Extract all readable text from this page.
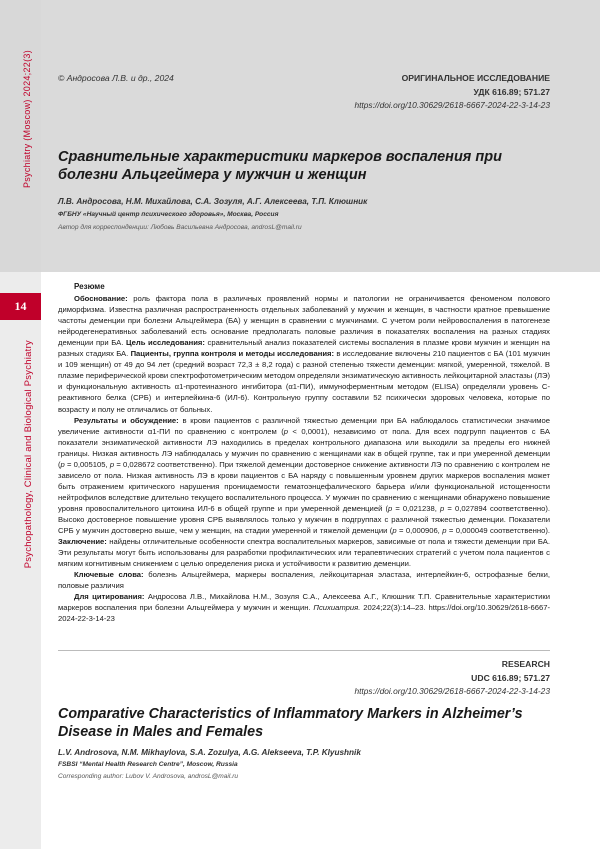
Psychiatry (Moscow) 2024;22(3)
Psychopathology, Clinical and Biological Psychiatry
14
© Андросова Л.В. и др., 2024	ОРИГИНАЛЬНОЕ ИССЛЕДОВАНИЕ
УДК 616.89; 571.27
https://doi.org/10.30629/2618-6667-2024-22-3-14-23
Сравнительные характеристики маркеров воспаления при болезни Альцгеймера у мужчин и женщин
Л.В. Андросова, Н.М. Михайлова, С.А. Зозуля, А.Г. Алексеева, Т.П. Клюшник
ФГБНУ «Научный центр психического здоровья», Москва, Россия
Автор для корреспонденции: Любовь Васильевна Андросова, androsL@mail.ru
Резюме

Обоснование: роль фактора пола в различных проявлений нормы и патологии не ограничивается феноменом полового диморфизма. Известна различная распространенность отдельных заболеваний у мужчин и женщин, в частности кратное превышение частоты деменции при болезни Альцгеймера (БА) у женщин в сравнении с мужчинами. С учетом роли нейровоспаления в патогенезе нейродегенеративных заболеваний есть основание предполагать половые различия в показателях воспаления на разных стадиях деменции при БА. Цель исследования: сравнительный анализ показателей системы воспаления в плазме крови мужчин и женщин на разных стадиях БА. Пациенты, группа контроля и методы исследования: в исследование включены 210 пациентов с БА (101 мужчин и 109 женщин) от 49 до 94 лет (средний возраст 72,3 ± 8,2 года) с разной степенью тяжести деменции: мягкой, умеренной, тяжелой. В плазме периферической крови спектрофотометрическим методом определяли энзиматическую активность лейкоцитарной эластазы (ЛЭ) и функциональную активность α1-протеиназного ингибитора (α1-ПИ), иммуноферментным методом (ELISA) определяли уровень С-реактивного белка (СРБ) и интерлейкина-6 (ИЛ-6). Контрольную группу составили 52 психически здоровых человека, которые по возрасту и полу не отличались от больных.

Результаты и обсуждение: в крови пациентов с различной тяжестью деменции при БА наблюдалось статистически значимое увеличение активности α1-ПИ по сравнению с контролем (p < 0,0001), независимо от пола. Для всех подгрупп пациентов с БА показатели энзиматической активности ЛЭ находились в пределах контрольного диапазона или выходили за пределы его нижней границы. Низкая активность ЛЭ наблюдалась у мужчин по сравнению с женщинами как в общей группе, так и при умеренной деменции (p = 0,005105, p = 0,028672 соответственно). При тяжелой деменции достоверное снижение активности ЛЭ по сравнению с контролем не зависело от пола. Низкая активность ЛЭ в крови пациентов с БА наряду с повышенным уровнем других маркеров воспаления может быть отражением критического нарушения проницаемости гематоэнцефалического барьера и/или функциональной истощенности нейтрофилов вследствие длительно текущего воспалительного процесса. У мужчин по сравнению с женщинами обнаружено повышение уровня провоспалительного цитокина ИЛ-6 в общей группе и при умеренной деменцией (p = 0,021238, p = 0,027894 соответственно). Высоко достоверное повышение уровня СРБ выявлялось только у мужчин в подгруппах с различной тяжестью деменции. Показатели СРБ у мужчин достоверно выше, чем у женщин, на стадии умеренной и тяжелой деменции (p = 0,000906, p = 0,000049 соответственно). Заключение: найдены отличительные особенности спектра воспалительных маркеров, зависимые от пола и тяжести деменции при БА. Эти результаты могут быть использованы для разработки профилактических или терапевтических стратегий с учетом пола пациентов с мягким когнитивным снижением с целью определения риска и устойчивости к развитию деменции.

Ключевые слова: болезнь Альцгеймера, маркеры воспаления, лейкоцитарная эластаза, интерлейкин-6, острофазные белки, половые различия

Для цитирования: Андросова Л.В., Михайлова Н.М., Зозуля С.А., Алексеева А.Г., Клюшник Т.П. Сравнительные характеристики маркеров воспаления при болезни Альцгеймера у мужчин и женщин. Психиатрия. 2024;22(3):14–23. https://doi.org/10.30629/2618-6667-2024-22-3-14-23

RESEARCH
UDC 616.89; 571.27
https://doi.org/10.30629/2618-6667-2024-22-3-14-23
Comparative Characteristics of Inflammatory Markers in Alzheimer’s Disease in Males and Females
L.V. Androsova, N.M. Mikhaylova, S.A. Zozulya, A.G. Alekseeva, T.P. Klyushnik
FSBSI “Mental Health Research Centre”, Moscow, Russia
Corresponding author: Lubov V. Androsova, androsL@mail.ru
